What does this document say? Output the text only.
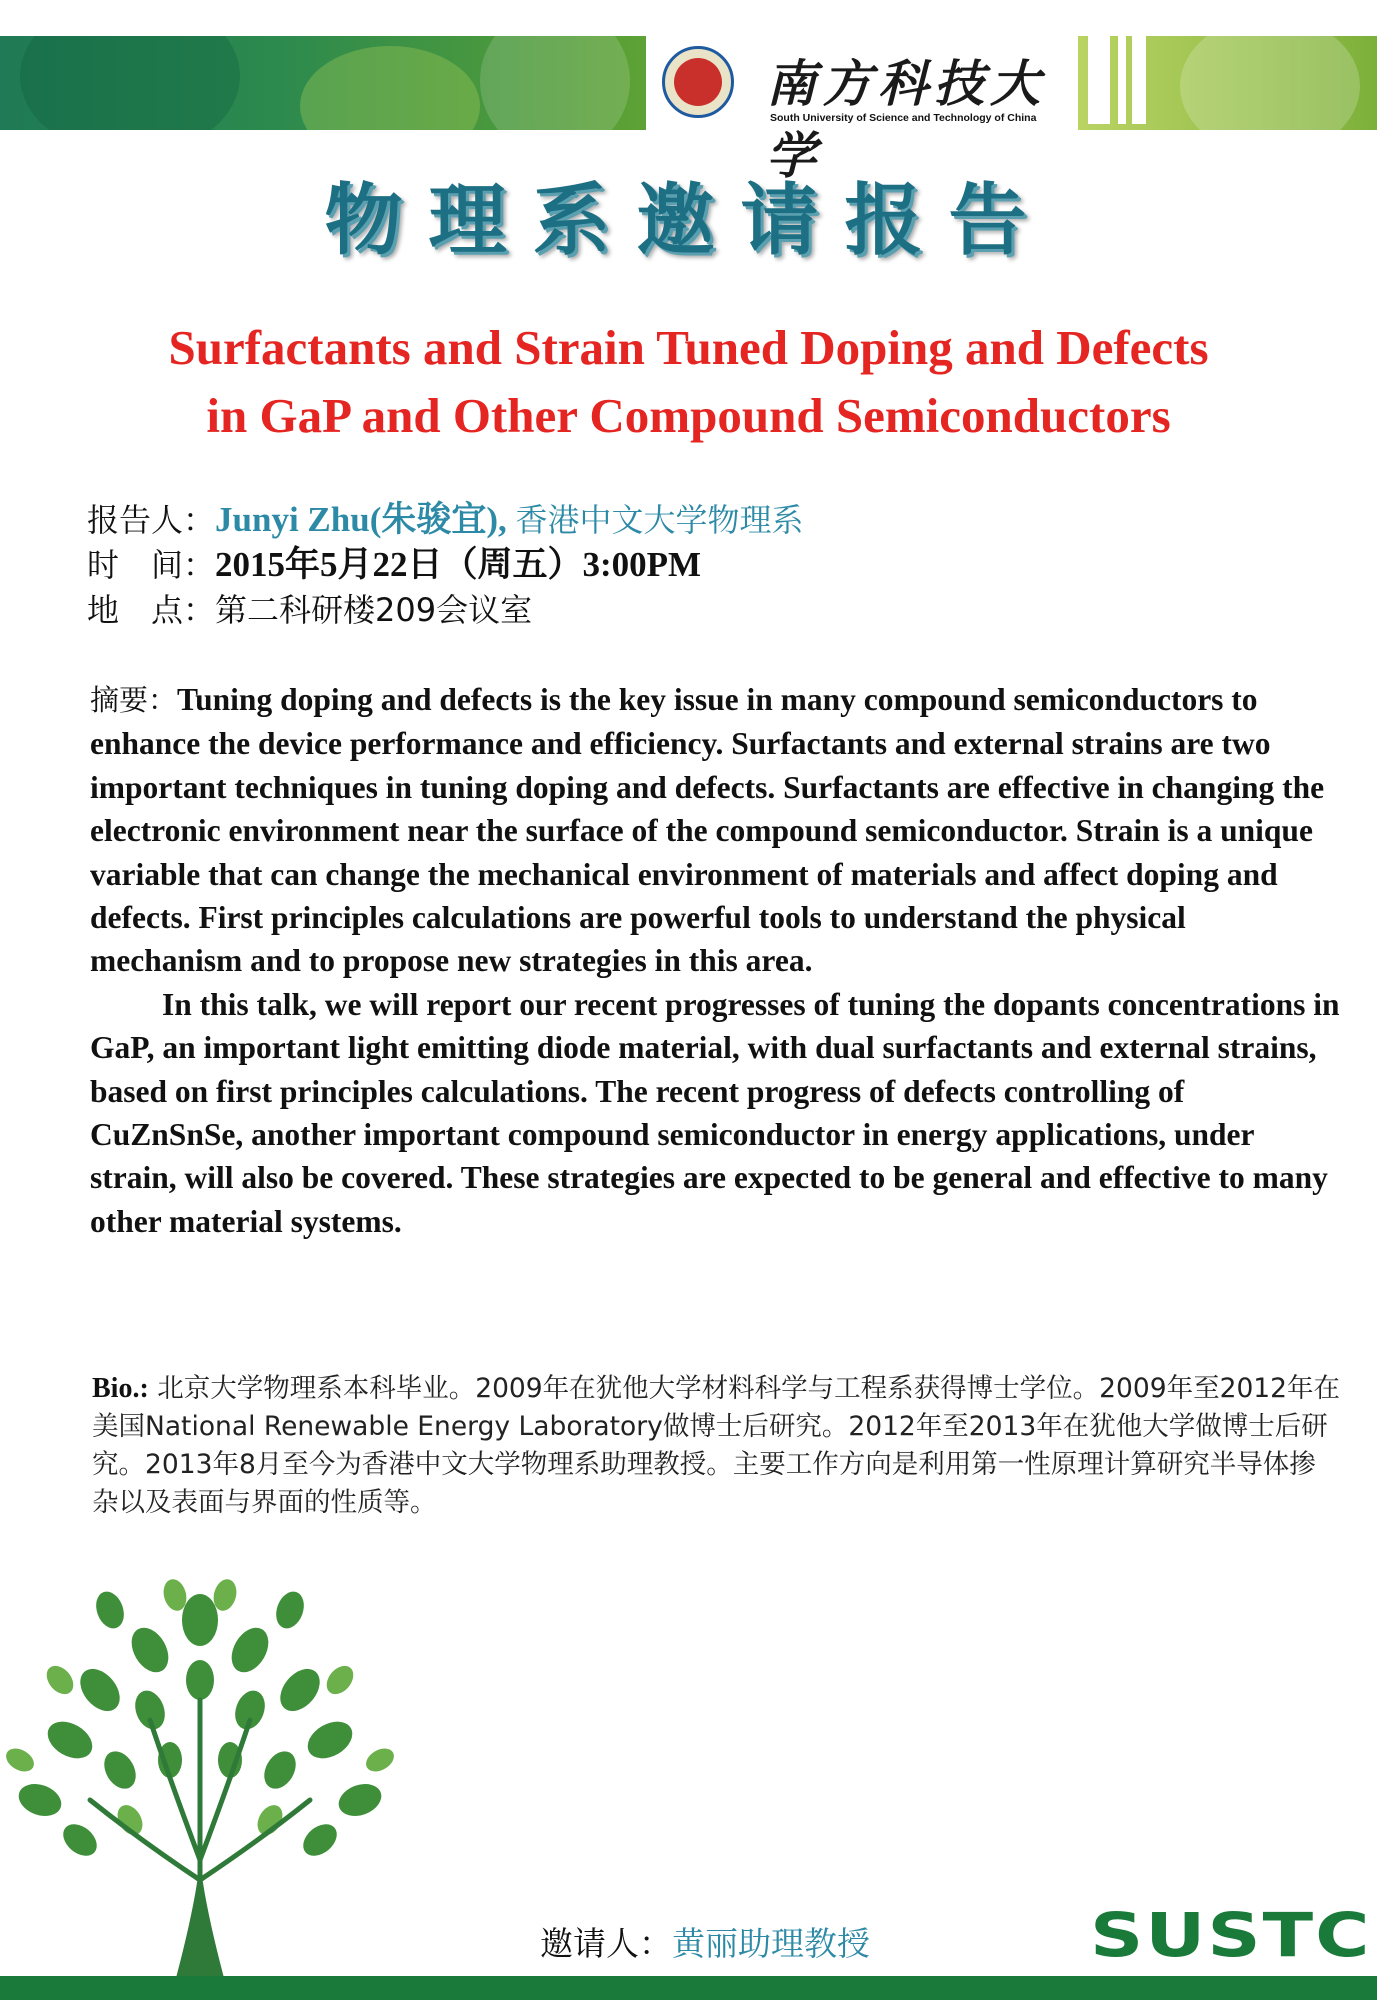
南方科技大学
South University of Science and Technology of China
物理系邀请报告
Surfactants and Strain Tuned Doping and Defects
in GaP and Other Compound Semiconductors
报告人：Junyi Zhu(朱骏宜), 香港中文大学物理系
时　间：2015年5月22日（周五）3:00PM
地　点：第二科研楼209会议室

摘要：Tuning doping and defects is the key issue in many compound semiconductors to enhance the device performance and efficiency. Surfactants and external strains are two important techniques in tuning doping and defects. Surfactants are effective in changing the electronic environment near the surface of the compound semiconductor. Strain is a unique variable that can change the mechanical environment of materials and affect doping and defects. First principles calculations are powerful tools to understand the physical mechanism and to propose new strategies in this area.

In this talk, we will report our recent progresses of tuning the dopants concentrations in GaP, an important light emitting diode material, with dual surfactants and external strains, based on first principles calculations. The recent progress of defects controlling of CuZnSnSe, another important compound semiconductor in energy applications, under strain, will also be covered. These strategies are expected to be general and effective to many other material systems.

Bio.: 北京大学物理系本科毕业。2009年在犹他大学材料科学与工程系获得博士学位。2009年至2012年在美国National Renewable Energy Laboratory做博士后研究。2012年至2013年在犹他大学做博士后研究。2013年8月至今为香港中文大学物理系助理教授。主要工作方向是利用第一性原理计算研究半导体掺杂以及表面与界面的性质等。
邀请人：黄丽助理教授	SUSTC
